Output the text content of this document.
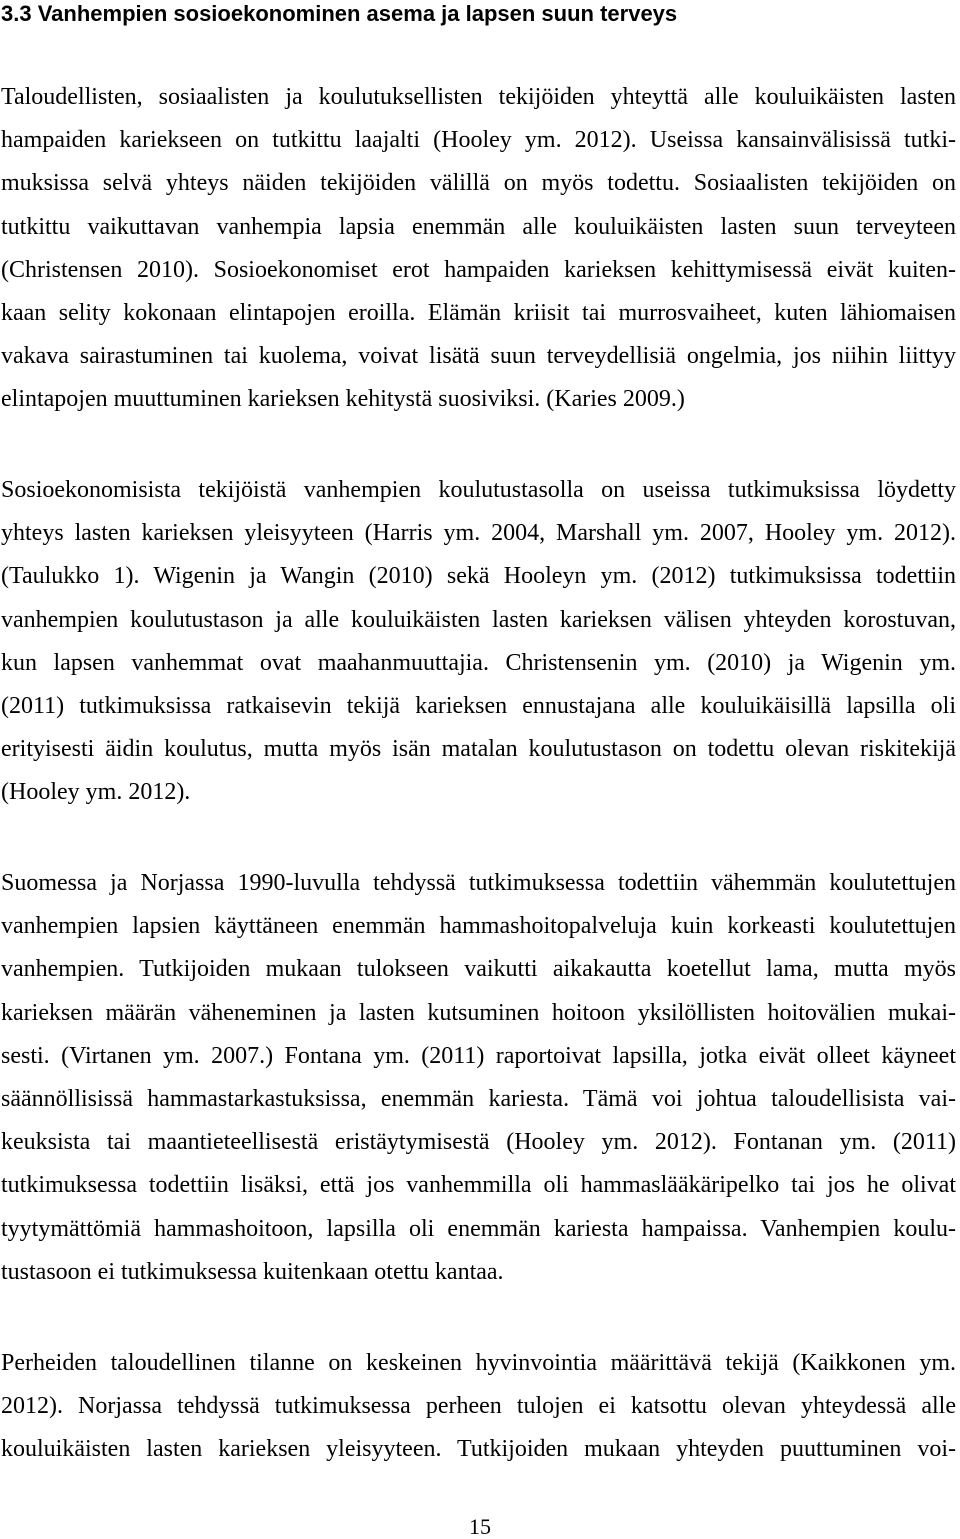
3.3 Vanhempien sosioekonominen asema ja lapsen suun terveys
Taloudellisten, sosiaalisten ja koulutuksellisten tekijöiden yhteyttä alle kouluikäisten lasten
hampaiden kariekseen on tutkittu laajalti (Hooley ym. 2012). Useissa kansainvälisissä tutki-
muksissa selvä yhteys näiden tekijöiden välillä on myös todettu. Sosiaalisten tekijöiden on
tutkittu vaikuttavan vanhempia lapsia enemmän alle kouluikäisten lasten suun terveyteen
(Christensen 2010). Sosioekonomiset erot hampaiden karieksen kehittymisessä eivät kuiten-
kaan selity kokonaan elintapojen eroilla. Elämän kriisit tai murrosvaiheet, kuten lähiomaisen
vakava sairastuminen tai kuolema, voivat lisätä suun terveydellisiä ongelmia, jos niihin liittyy
elintapojen muuttuminen karieksen kehitystä suosiviksi. (Karies 2009.)
Sosioekonomisista tekijöistä vanhempien koulutustasolla on useissa tutkimuksissa löydetty
yhteys lasten karieksen yleisyyteen (Harris ym. 2004, Marshall ym. 2007, Hooley ym. 2012).
(Taulukko 1). Wigenin ja Wangin (2010) sekä Hooleyn ym. (2012) tutkimuksissa todettiin
vanhempien koulutustason ja alle kouluikäisten lasten karieksen välisen yhteyden korostuvan,
kun lapsen vanhemmat ovat maahanmuuttajia. Christensenin ym. (2010) ja Wigenin ym.
(2011) tutkimuksissa ratkaisevin tekijä karieksen ennustajana alle kouluikäisillä lapsilla oli
erityisesti äidin koulutus, mutta myös isän matalan koulutustason on todettu olevan riskitekijä
(Hooley ym. 2012).
Suomessa ja Norjassa 1990-luvulla tehdyssä tutkimuksessa todettiin vähemmän koulutettujen
vanhempien lapsien käyttäneen enemmän hammashoitopalveluja kuin korkeasti koulutettujen
vanhempien. Tutkijoiden mukaan tulokseen vaikutti aikakautta koetellut lama, mutta myös
karieksen määrän väheneminen ja lasten kutsuminen hoitoon yksilöllisten hoitovälien mukai-
sesti. (Virtanen ym. 2007.) Fontana ym. (2011) raportoivat lapsilla, jotka eivät olleet käyneet
säännöllisissä hammastarkastuksissa, enemmän kariesta. Tämä voi johtua taloudellisista vai-
keuksista tai maantieteellisestä eristäytymisestä (Hooley ym. 2012). Fontanan ym. (2011)
tutkimuksessa todettiin lisäksi, että jos vanhemmilla oli hammaslääkäripelko tai jos he olivat
tyytymättömiä hammashoitoon, lapsilla oli enemmän kariesta hampaissa. Vanhempien koulu-
tustasoon ei tutkimuksessa kuitenkaan otettu kantaa.
Perheiden taloudellinen tilanne on keskeinen hyvinvointia määrittävä tekijä (Kaikkonen ym.
2012). Norjassa tehdyssä tutkimuksessa perheen tulojen ei katsottu olevan yhteydessä alle
kouluikäisten lasten karieksen yleisyyteen. Tutkijoiden mukaan yhteyden puuttuminen voi-
15
